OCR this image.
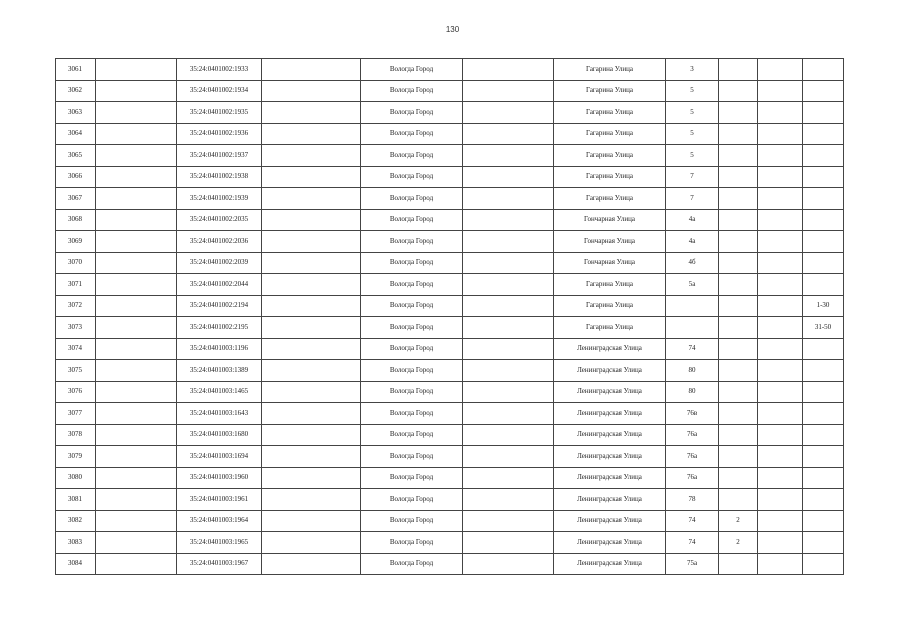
130
3061		35:24:0401002:1933		Вологда Город		Гагарина Улица	3			
3062		35:24:0401002:1934		Вологда Город		Гагарина Улица	5			
3063		35:24:0401002:1935		Вологда Город		Гагарина Улица	5			
3064		35:24:0401002:1936		Вологда Город		Гагарина Улица	5			
3065		35:24:0401002:1937		Вологда Город		Гагарина Улица	5			
3066		35:24:0401002:1938		Вологда Город		Гагарина Улица	7			
3067		35:24:0401002:1939		Вологда Город		Гагарина Улица	7			
3068		35:24:0401002:2035		Вологда Город		Гончарная Улица	4а			
3069		35:24:0401002:2036		Вологда Город		Гончарная Улица	4а			
3070		35:24:0401002:2039		Вологда Город		Гончарная Улица	4б			
3071		35:24:0401002:2044		Вологда Город		Гагарина Улица	5а			
3072		35:24:0401002:2194		Вологда Город		Гагарина Улица				1-30
3073		35:24:0401002:2195		Вологда Город		Гагарина Улица				31-50
3074		35:24:0401003:1196		Вологда Город		Ленинградская Улица	74			
3075		35:24:0401003:1389		Вологда Город		Ленинградская Улица	80			
3076		35:24:0401003:1465		Вологда Город		Ленинградская Улица	80			
3077		35:24:0401003:1643		Вологда Город		Ленинградская Улица	76в			
3078		35:24:0401003:1680		Вологда Город		Ленинградская Улица	76а			
3079		35:24:0401003:1694		Вологда Город		Ленинградская Улица	76а			
3080		35:24:0401003:1960		Вологда Город		Ленинградская Улица	76а			
3081		35:24:0401003:1961		Вологда Город		Ленинградская Улица	78			
3082		35:24:0401003:1964		Вологда Город		Ленинградская Улица	74	2		
3083		35:24:0401003:1965		Вологда Город		Ленинградская Улица	74	2		
3084		35:24:0401003:1967		Вологда Город		Ленинградская Улица	75а			
